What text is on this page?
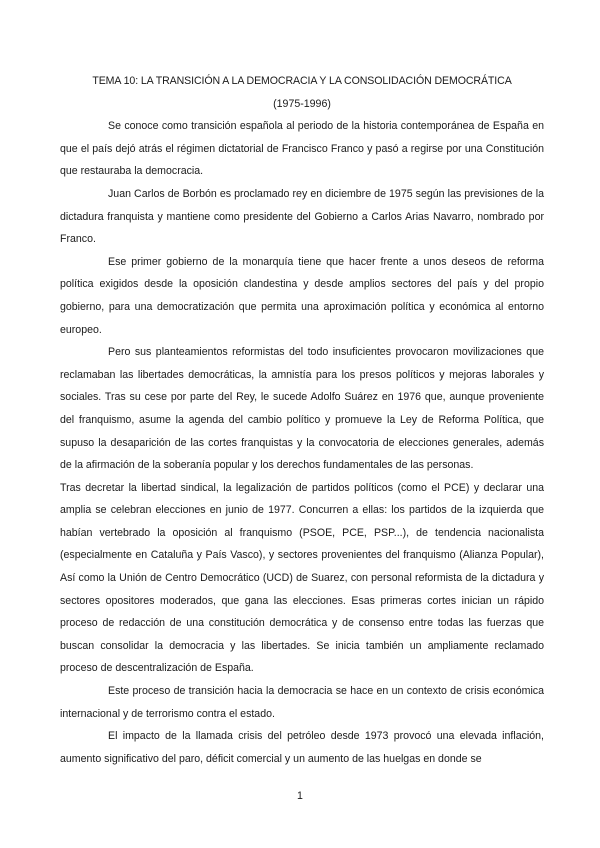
TEMA 10: LA TRANSICIÓN A LA DEMOCRACIA Y LA CONSOLIDACIÓN DEMOCRÁTICA

(1975-1996)

Se conoce como transición española al periodo de la historia contemporánea de España en que el país dejó atrás el régimen dictatorial de Francisco Franco y pasó a regirse por una Constitución que restauraba la democracia.

Juan Carlos de Borbón es proclamado rey en diciembre de 1975 según las previsiones de la dictadura franquista y mantiene como presidente del Gobierno a Carlos Arias Navarro, nombrado por Franco.

Ese primer gobierno de la monarquía tiene que hacer frente a unos deseos de reforma política exigidos desde la oposición clandestina y desde amplios sectores del país y del propio gobierno, para una democratización que permita una aproximación política y económica al entorno europeo.

Pero sus planteamientos reformistas del todo insuficientes provocaron movilizaciones que reclamaban las libertades democráticas, la amnistía para los presos políticos y mejoras laborales y sociales. Tras su cese por parte del Rey, le sucede Adolfo Suárez en 1976 que, aunque proveniente del franquismo, asume la agenda del cambio político y promueve la Ley de Reforma Política, que supuso la desaparición de las cortes franquistas y la convocatoria de elecciones generales, además de la afirmación de la soberanía popular y los derechos fundamentales de las personas.

Tras decretar la libertad sindical, la legalización de partidos políticos (como el PCE) y declarar una amplia se celebran elecciones en junio de 1977. Concurren a ellas: los partidos de la izquierda que habían vertebrado la oposición al franquismo (PSOE, PCE, PSP...), de tendencia nacionalista (especialmente en Cataluña y País Vasco), y sectores provenientes del franquismo (Alianza Popular), Así como la Unión de Centro Democrático (UCD) de Suarez, con personal reformista de la dictadura y sectores opositores moderados, que gana las elecciones. Esas primeras cortes inician un rápido proceso de redacción de una constitución democrática y de consenso entre todas las fuerzas que buscan consolidar la democracia y las libertades. Se inicia también un ampliamente reclamado proceso de descentralización de España.

Este proceso de transición hacia la democracia se hace en un contexto de crisis económica internacional y de terrorismo contra el estado.

El impacto de la llamada crisis del petróleo desde 1973 provocó una elevada inflación, aumento significativo del paro, déficit comercial y un aumento de las huelgas en donde se

1
